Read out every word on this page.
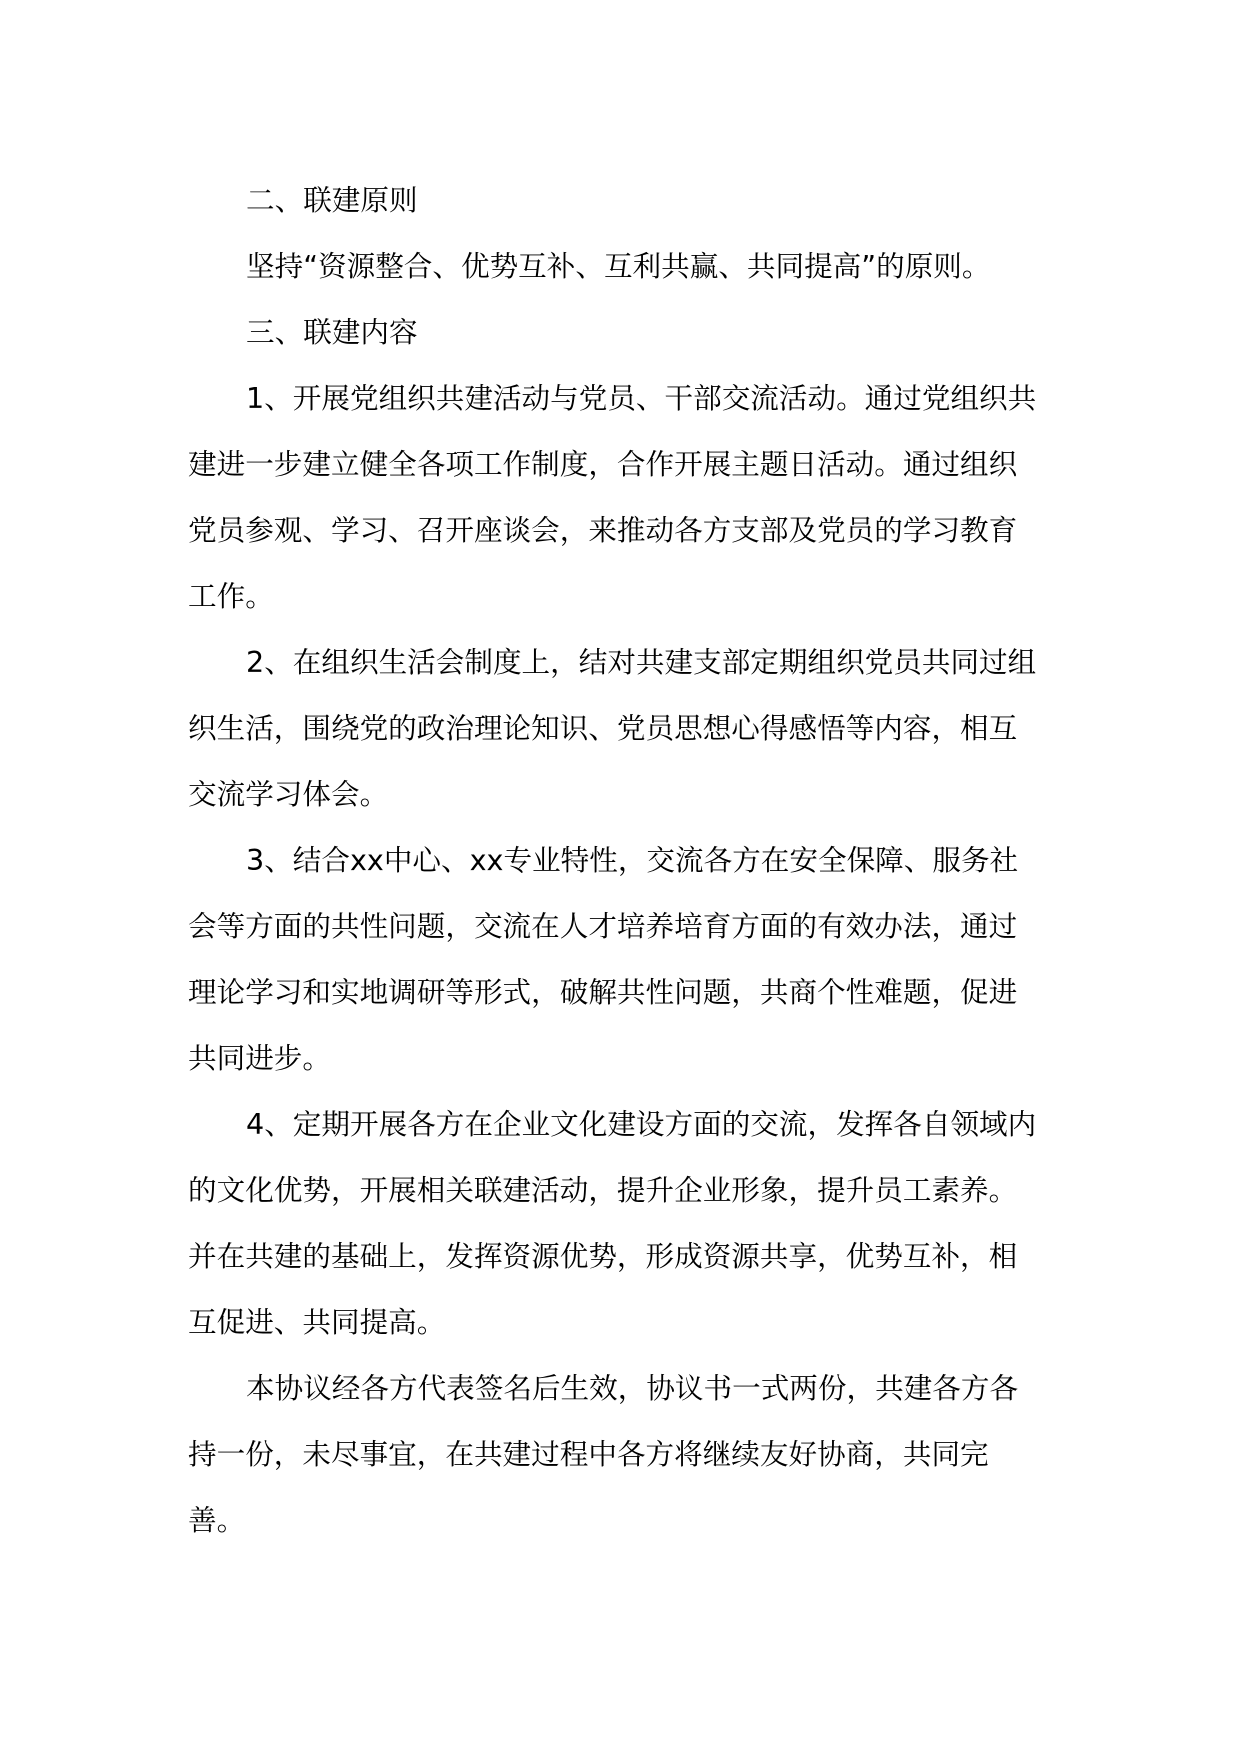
二、联建原则
坚持“资源整合、优势互补、互利共赢、共同提高”的原则。
三、联建内容
1、开展党组织共建活动与党员、干部交流活动。通过党组织共
建进一步建立健全各项工作制度，合作开展主题日活动。通过组织
党员参观、学习、召开座谈会，来推动各方支部及党员的学习教育
工作。
2、在组织生活会制度上，结对共建支部定期组织党员共同过组
织生活，围绕党的政治理论知识、党员思想心得感悟等内容，相互
交流学习体会。
3、结合xx中心、xx专业特性，交流各方在安全保障、服务社
会等方面的共性问题，交流在人才培养培育方面的有效办法，通过
理论学习和实地调研等形式，破解共性问题，共商个性难题，促进
共同进步。
4、定期开展各方在企业文化建设方面的交流，发挥各自领域内
的文化优势，开展相关联建活动，提升企业形象，提升员工素养。
并在共建的基础上，发挥资源优势，形成资源共享，优势互补，相
互促进、共同提高。
本协议经各方代表签名后生效，协议书一式两份，共建各方各
持一份，未尽事宜，在共建过程中各方将继续友好协商，共同完
善。
